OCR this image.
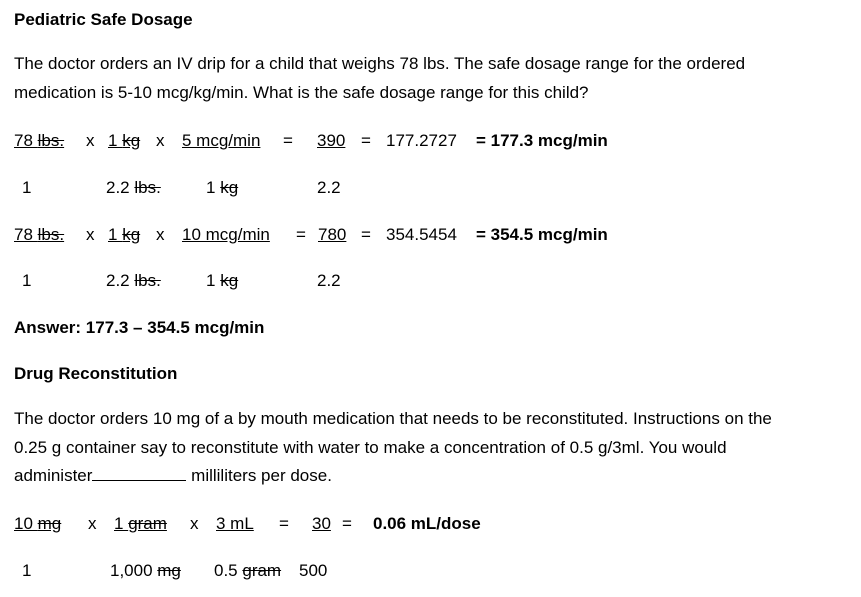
Pediatric Safe Dosage
The doctor orders an IV drip for a child that weighs 78 lbs. The safe dosage range for the ordered
medication is 5-10 mcg/kg/min. What is the safe dosage range for this child?
78 lbs. x 1 kg x 5 mcg/min = 390 = 177.2727 = 177.3 mcg/min
1	2.2 lbs.	1 kg	2.2
78 lbs. x 1 kg x 10 mcg/min = 780 = 354.5454 = 354.5 mcg/min
1	2.2 lbs.	1 kg	2.2
Answer: 177.3 – 354.5 mcg/min
Drug Reconstitution
The doctor orders 10 mg of a by mouth medication that needs to be reconstituted. Instructions on the
0.25 g container say to reconstitute with water to make a concentration of 0.5 g/3ml. You would
administer	milliliters per dose.
10 mg x 1 gram x 3 mL = 30 = 0.06 mL/dose
1	1,000 mg 0.5 gram 500
